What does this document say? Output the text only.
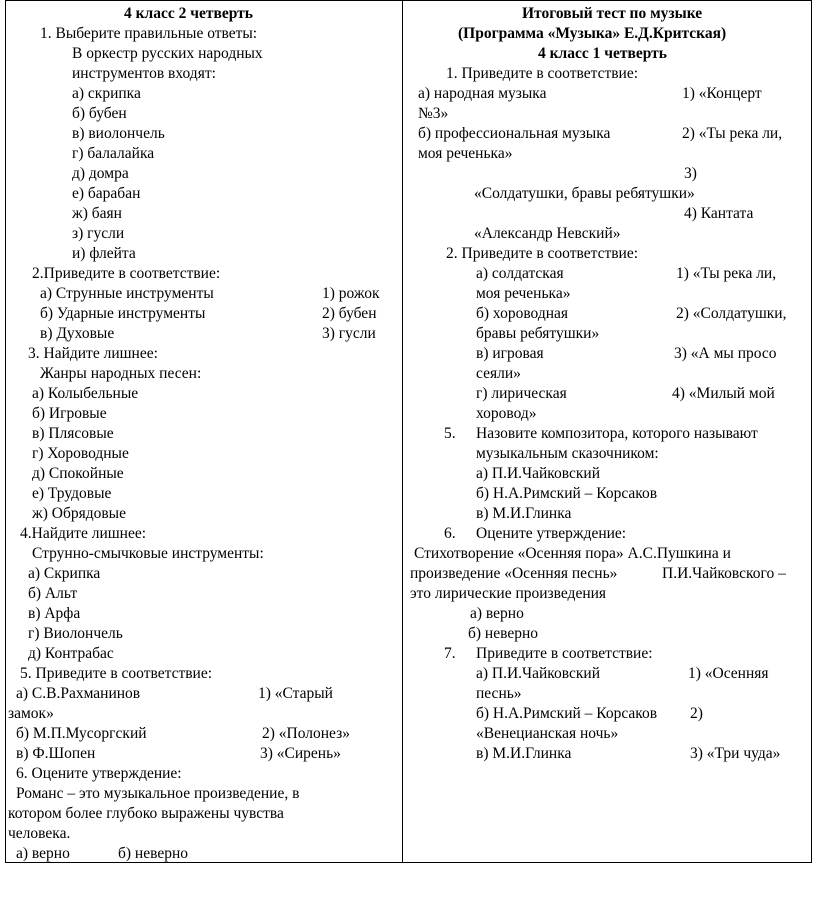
4 класс 2 четверть
1. Выберите правильные ответы:
В оркестр русских народных
инструментов входят:
а) скрипка
б) бубен
в) виолончель
г) балалайка
д) домра
е) барабан
ж) баян
з) гусли
и) флейта
2.Приведите в соответствие:
а) Струнные инструменты	1) рожок
б) Ударные инструменты	2) бубен
в) Духовые	3) гусли
3. Найдите лишнее:
Жанры народных песен:
а) Колыбельные
б) Игровые
в) Плясовые
г) Хороводные
д) Спокойные
е) Трудовые
ж) Обрядовые
4.Найдите лишнее:
Струнно-смычковые инструменты:
а) Скрипка
б) Альт
в) Арфа
г) Виолончель
д) Контрабас
5. Приведите в соответствие:
а) С.В.Рахманинов	1) «Старый
замок»
б) М.П.Мусоргский	2) «Полонез»
в) Ф.Шопен	3) «Сирень»
6. Оцените утверждение:
Романс – это музыкальное произведение, в
котором более глубоко выражены чувства
человека.
а) верно	б) неверно
Итоговый тест по музыке
(Программа «Музыка» Е.Д.Критская)
4 класс 1 четверть
1. Приведите в соответствие:
а) народная музыка	1) «Концерт
№3»
б) профессиональная музыка	2) «Ты река ли,
моя реченька»
3)
«Солдатушки, бравы ребятушки»
4) Кантата
«Александр Невский»
2. Приведите в соответствие:
а) солдатская	1) «Ты река ли,
моя реченька»
б) хороводная	2) «Солдатушки,
бравы ребятушки»
в) игровая	3) «А мы просо
сеяли»
г) лирическая	4) «Милый мой
хоровод»
5. Назовите композитора, которого называют
музыкальным сказочником:
а) П.И.Чайковский
б) Н.А.Римский – Корсаков
в) М.И.Глинка
6. Оцените утверждение:
Стихотворение «Осенняя пора» А.С.Пушкина и
произведение «Осенняя песнь»	П.И.Чайковского –
это лирические произведения
а) верно
б) неверно
7. Приведите в соответствие:
а) П.И.Чайковский	1) «Осенняя
песнь»
б) Н.А.Римский – Корсаков 2)
«Венецианская ночь»
в) М.И.Глинка	3) «Три чуда»
